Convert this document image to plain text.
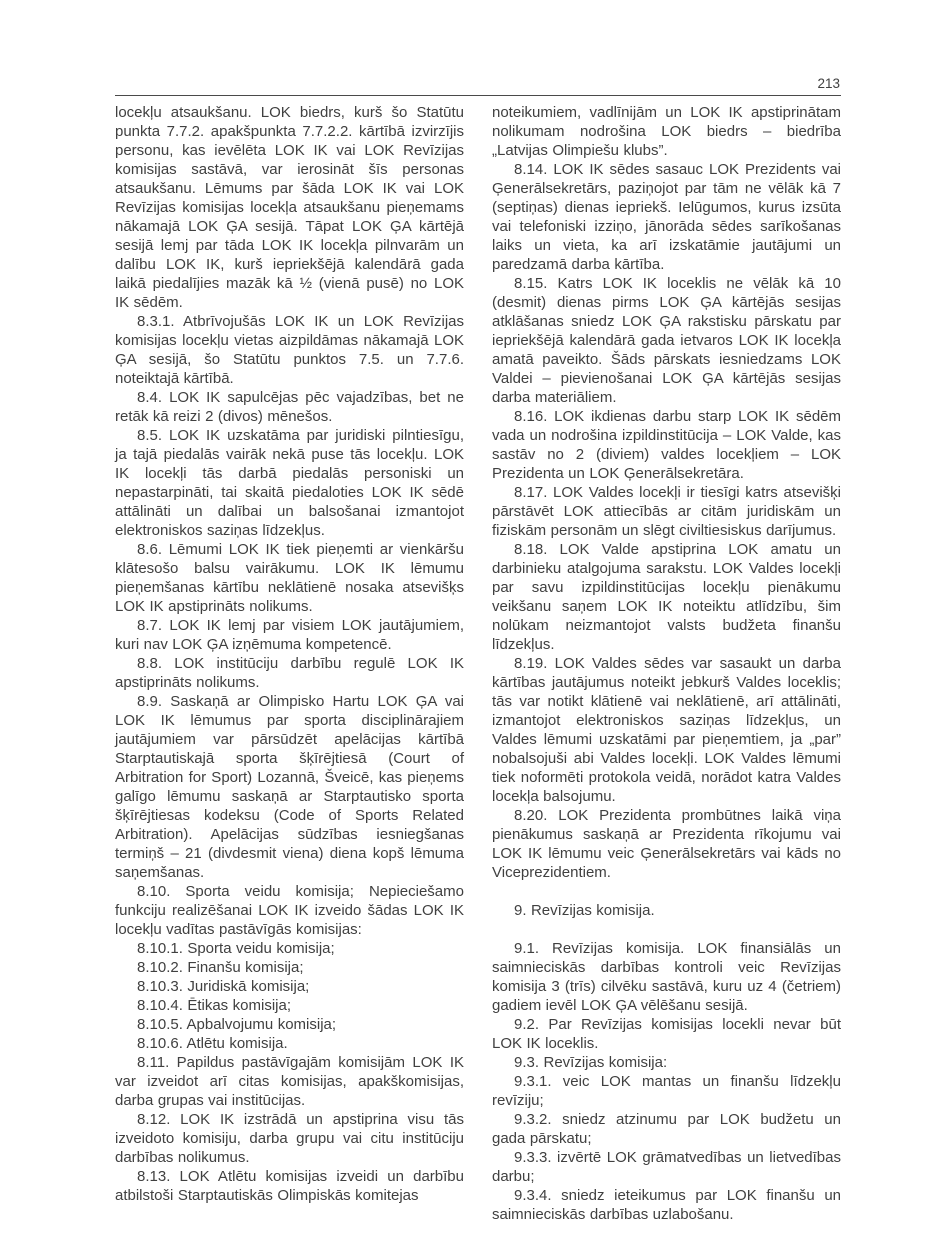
213

locekļu atsaukšanu. LOK biedrs, kurš šo Statūtu punkta 7.7.2. apakšpunkta 7.7.2.2. kārtībā izvirzījis personu, kas ievēlēta LOK IK vai LOK Revīzijas komisijas sastāvā, var ierosināt šīs personas atsaukšanu. Lēmums par šāda LOK IK vai LOK Revīzijas komisijas locekļa atsaukšanu pieņemams nākamajā LOK ĢA sesijā. Tāpat LOK ĢA kārtējā sesijā lemj par tāda LOK IK locekļa pilnvarām un dalību LOK IK, kurš iepriekšējā kalendārā gada laikā piedalījies mazāk kā ½ (vienā pusē) no LOK IK sēdēm.

8.3.1. Atbrīvojušās LOK IK un LOK Revīzijas komisijas locekļu vietas aizpildāmas nākamajā LOK ĢA sesijā, šo Statūtu punktos 7.5. un 7.7.6. noteiktajā kārtībā.

8.4. LOK IK sapulcējas pēc vajadzības, bet ne retāk kā reizi 2 (divos) mēnešos.

8.5. LOK IK uzskatāma par juridiski pilntiesīgu, ja tajā piedalās vairāk nekā puse tās locekļu. LOK IK locekļi tās darbā piedalās personiski un nepastarpināti, tai skaitā piedaloties LOK IK sēdē attālināti un dalībai un balsošanai izmantojot elektroniskos saziņas līdzekļus.

8.6. Lēmumi LOK IK tiek pieņemti ar vienkāršu klātesošo balsu vairākumu. LOK IK lēmumu pieņemšanas kārtību neklātienē nosaka atsevišķs LOK IK apstiprināts nolikums.

8.7. LOK IK lemj par visiem LOK jautājumiem, kuri nav LOK ĢA izņēmuma kompetencē.

8.8. LOK institūciju darbību regulē LOK IK apstiprināts nolikums.

8.9. Saskaņā ar Olimpisko Hartu LOK ĢA vai LOK IK lēmumus par sporta disciplinārajiem jautājumiem var pārsūdzēt apelācijas kārtībā Starptautiskajā sporta šķīrējtiesā (Court of Arbitration for Sport) Lozannā, Šveicē, kas pieņems galīgo lēmumu saskaņā ar Starptautisko sporta šķīrējtiesas kodeksu (Code of Sports Related Arbitration). Apelācijas sūdzības iesniegšanas termiņš – 21 (divdesmit viena) diena kopš lēmuma saņemšanas.

8.10. Sporta veidu komisija; Nepieciešamo funkciju realizēšanai LOK IK izveido šādas LOK IK locekļu vadītas pastāvīgās komisijas:

8.10.1. Sporta veidu komisija;

8.10.2. Finanšu komisija;

8.10.3. Juridiskā komisija;

8.10.4. Ētikas komisija;

8.10.5. Apbalvojumu komisija;

8.10.6. Atlētu komisija.

8.11. Papildus pastāvīgajām komisijām LOK IK var izveidot arī citas komisijas, apakškomisijas, darba grupas vai institūcijas.

8.12. LOK IK izstrādā un apstiprina visu tās izveidoto komisiju, darba grupu vai citu institūciju darbības nolikumus.

8.13. LOK Atlētu komisijas izveidi un darbību atbilstoši Starptautiskās Olimpiskās komitejas

noteikumiem, vadlīnijām un LOK IK apstiprinātam nolikumam nodrošina LOK biedrs – biedrība „Latvijas Olimpiešu klubs”.

8.14. LOK IK sēdes sasauc LOK Prezidents vai Ģenerālsekretārs, paziņojot par tām ne vēlāk kā 7 (septiņas) dienas iepriekš. Ielūgumos, kurus izsūta vai telefoniski izziņo, jānorāda sēdes sarīkošanas laiks un vieta, ka arī izskatāmie jautājumi un paredzamā darba kārtība.

8.15. Katrs LOK IK loceklis ne vēlāk kā 10 (desmit) dienas pirms LOK ĢA kārtējās sesijas atklāšanas sniedz LOK ĢA rakstisku pārskatu par iepriekšējā kalendārā gada ietvaros LOK IK locekļa amatā paveikto. Šāds pārskats iesniedzams LOK Valdei – pievienošanai LOK ĢA kārtējās sesijas darba materiāliem.

8.16. LOK ikdienas darbu starp LOK IK sēdēm vada un nodrošina izpildinstitūcija – LOK Valde, kas sastāv no 2 (diviem) valdes locekļiem – LOK Prezidenta un LOK Ģenerālsekretāra.

8.17. LOK Valdes locekļi ir tiesīgi katrs atsevišķi pārstāvēt LOK attiecībās ar citām juridiskām un fiziskām personām un slēgt civiltiesiskus darījumus.

8.18. LOK Valde apstiprina LOK amatu un darbinieku atalgojuma sarakstu. LOK Valdes locekļi par savu izpildinstitūcijas locekļu pienākumu veikšanu saņem LOK IK noteiktu atlīdzību, šim nolūkam neizmantojot valsts budžeta finanšu līdzekļus.

8.19. LOK Valdes sēdes var sasaukt un darba kārtības jautājumus noteikt jebkurš Valdes loceklis; tās var notikt klātienē vai neklātienē, arī attālināti, izmantojot elektroniskos saziņas līdzekļus, un Valdes lēmumi uzskatāmi par pieņemtiem, ja „par” nobalsojuši abi Valdes locekļi. LOK Valdes lēmumi tiek noformēti protokola veidā, norādot katra Valdes locekļa balsojumu.

8.20. LOK Prezidenta prombūtnes laikā viņa pienākumus saskaņā ar Prezidenta rīkojumu vai LOK IK lēmumu veic Ģenerālsekretārs vai kāds no Viceprezidentiem.

9. Revīzijas komisija.

9.1. Revīzijas komisija. LOK finansiālās un saimnieciskās darbības kontroli veic Revīzijas komisija 3 (trīs) cilvēku sastāvā, kuru uz 4 (četriem) gadiem ievēl LOK ĢA vēlēšanu sesijā.

9.2. Par Revīzijas komisijas locekli nevar būt LOK IK loceklis.

9.3. Revīzijas komisija:

9.3.1. veic LOK mantas un finanšu līdzekļu revīziju;

9.3.2. sniedz atzinumu par LOK budžetu un gada pārskatu;

9.3.3. izvērtē LOK grāmatvedības un lietvedības darbu;

9.3.4. sniedz ieteikumus par LOK finanšu un saimnieciskās darbības uzlabošanu.
